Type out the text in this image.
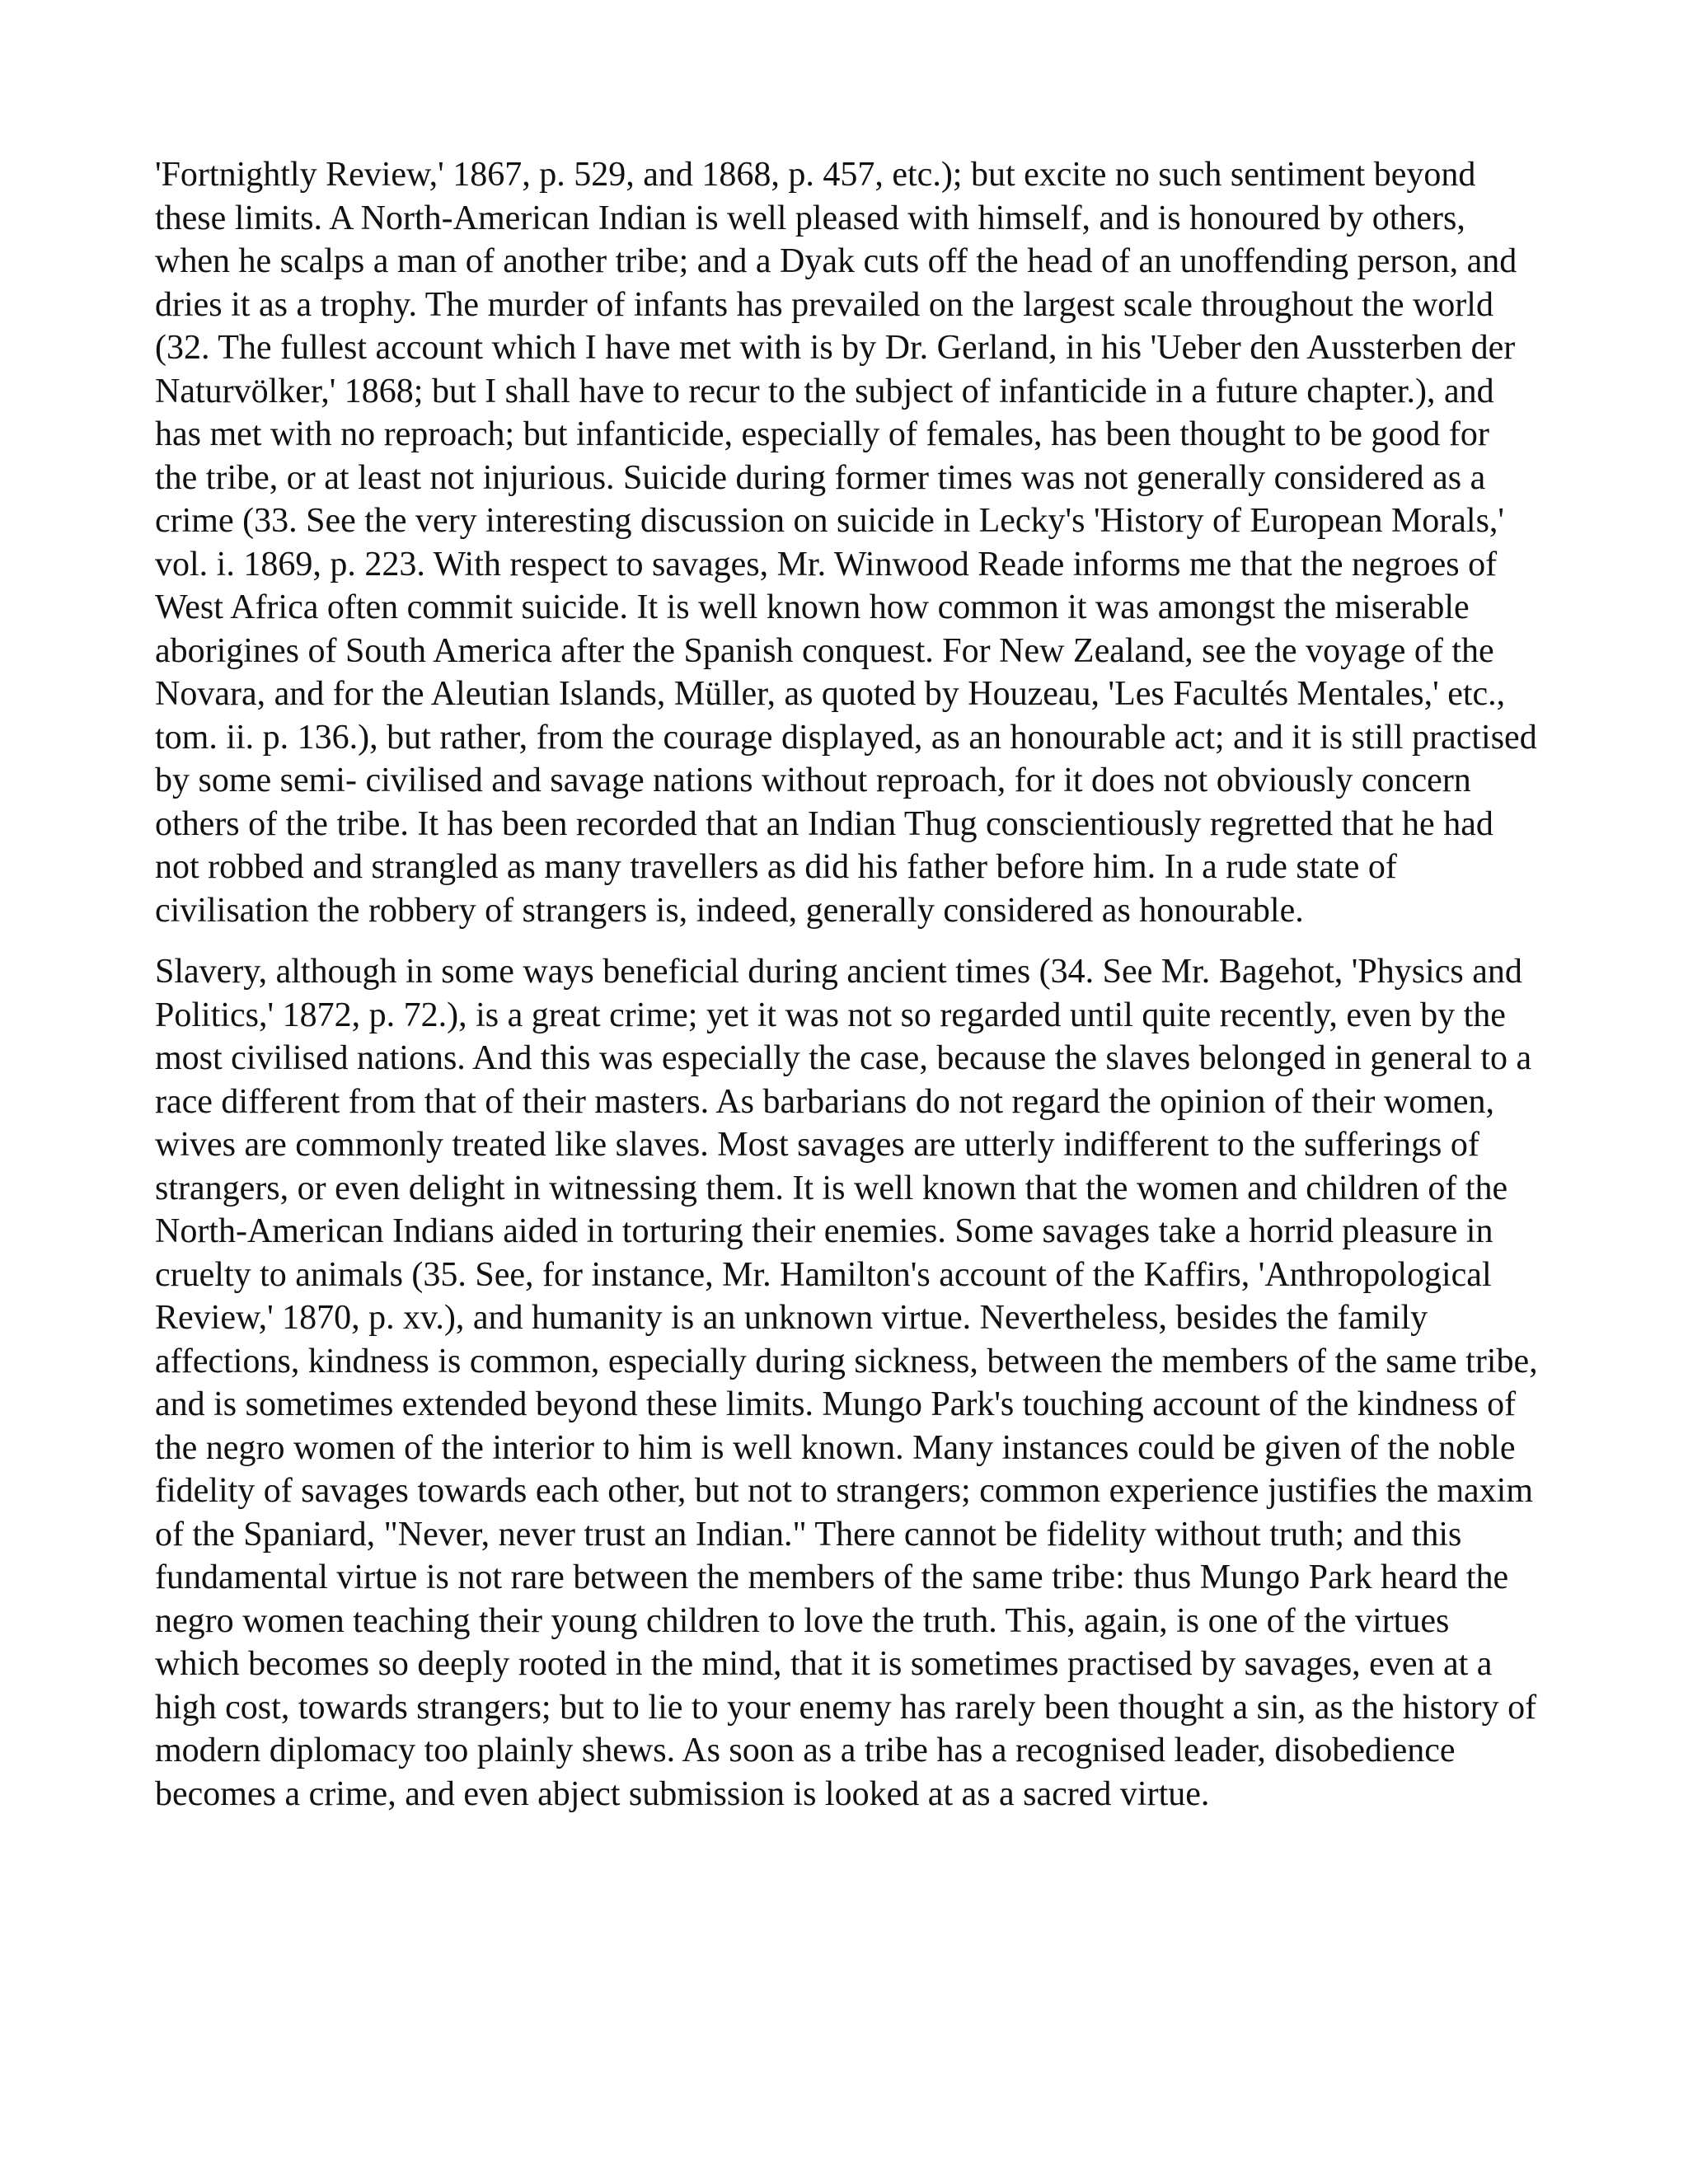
'Fortnightly Review,' 1867, p. 529, and 1868, p. 457, etc.); but excite no such sentiment beyond these limits. A North-American Indian is well pleased with himself, and is honoured by others, when he scalps a man of another tribe; and a Dyak cuts off the head of an unoffending person, and dries it as a trophy. The murder of infants has prevailed on the largest scale throughout the world (32. The fullest account which I have met with is by Dr. Gerland, in his 'Ueber den Aussterben der Naturvölker,' 1868; but I shall have to recur to the subject of infanticide in a future chapter.), and has met with no reproach; but infanticide, especially of females, has been thought to be good for the tribe, or at least not injurious. Suicide during former times was not generally considered as a crime (33. See the very interesting discussion on suicide in Lecky's 'History of European Morals,' vol. i. 1869, p. 223. With respect to savages, Mr. Winwood Reade informs me that the negroes of West Africa often commit suicide. It is well known how common it was amongst the miserable aborigines of South America after the Spanish conquest. For New Zealand, see the voyage of the Novara, and for the Aleutian Islands, Müller, as quoted by Houzeau, 'Les Facultés Mentales,' etc., tom. ii. p. 136.), but rather, from the courage displayed, as an honourable act; and it is still practised by some semi- civilised and savage nations without reproach, for it does not obviously concern others of the tribe. It has been recorded that an Indian Thug conscientiously regretted that he had not robbed and strangled as many travellers as did his father before him. In a rude state of civilisation the robbery of strangers is, indeed, generally considered as honourable.

Slavery, although in some ways beneficial during ancient times (34. See Mr. Bagehot, 'Physics and Politics,' 1872, p. 72.), is a great crime; yet it was not so regarded until quite recently, even by the most civilised nations. And this was especially the case, because the slaves belonged in general to a race different from that of their masters. As barbarians do not regard the opinion of their women, wives are commonly treated like slaves. Most savages are utterly indifferent to the sufferings of strangers, or even delight in witnessing them. It is well known that the women and children of the North-American Indians aided in torturing their enemies. Some savages take a horrid pleasure in cruelty to animals (35. See, for instance, Mr. Hamilton's account of the Kaffirs, 'Anthropological Review,' 1870, p. xv.), and humanity is an unknown virtue. Nevertheless, besides the family affections, kindness is common, especially during sickness, between the members of the same tribe, and is sometimes extended beyond these limits. Mungo Park's touching account of the kindness of the negro women of the interior to him is well known. Many instances could be given of the noble fidelity of savages towards each other, but not to strangers; common experience justifies the maxim of the Spaniard, "Never, never trust an Indian." There cannot be fidelity without truth; and this fundamental virtue is not rare between the members of the same tribe: thus Mungo Park heard the negro women teaching their young children to love the truth. This, again, is one of the virtues which becomes so deeply rooted in the mind, that it is sometimes practised by savages, even at a high cost, towards strangers; but to lie to your enemy has rarely been thought a sin, as the history of modern diplomacy too plainly shews. As soon as a tribe has a recognised leader, disobedience becomes a crime, and even abject submission is looked at as a sacred virtue.
